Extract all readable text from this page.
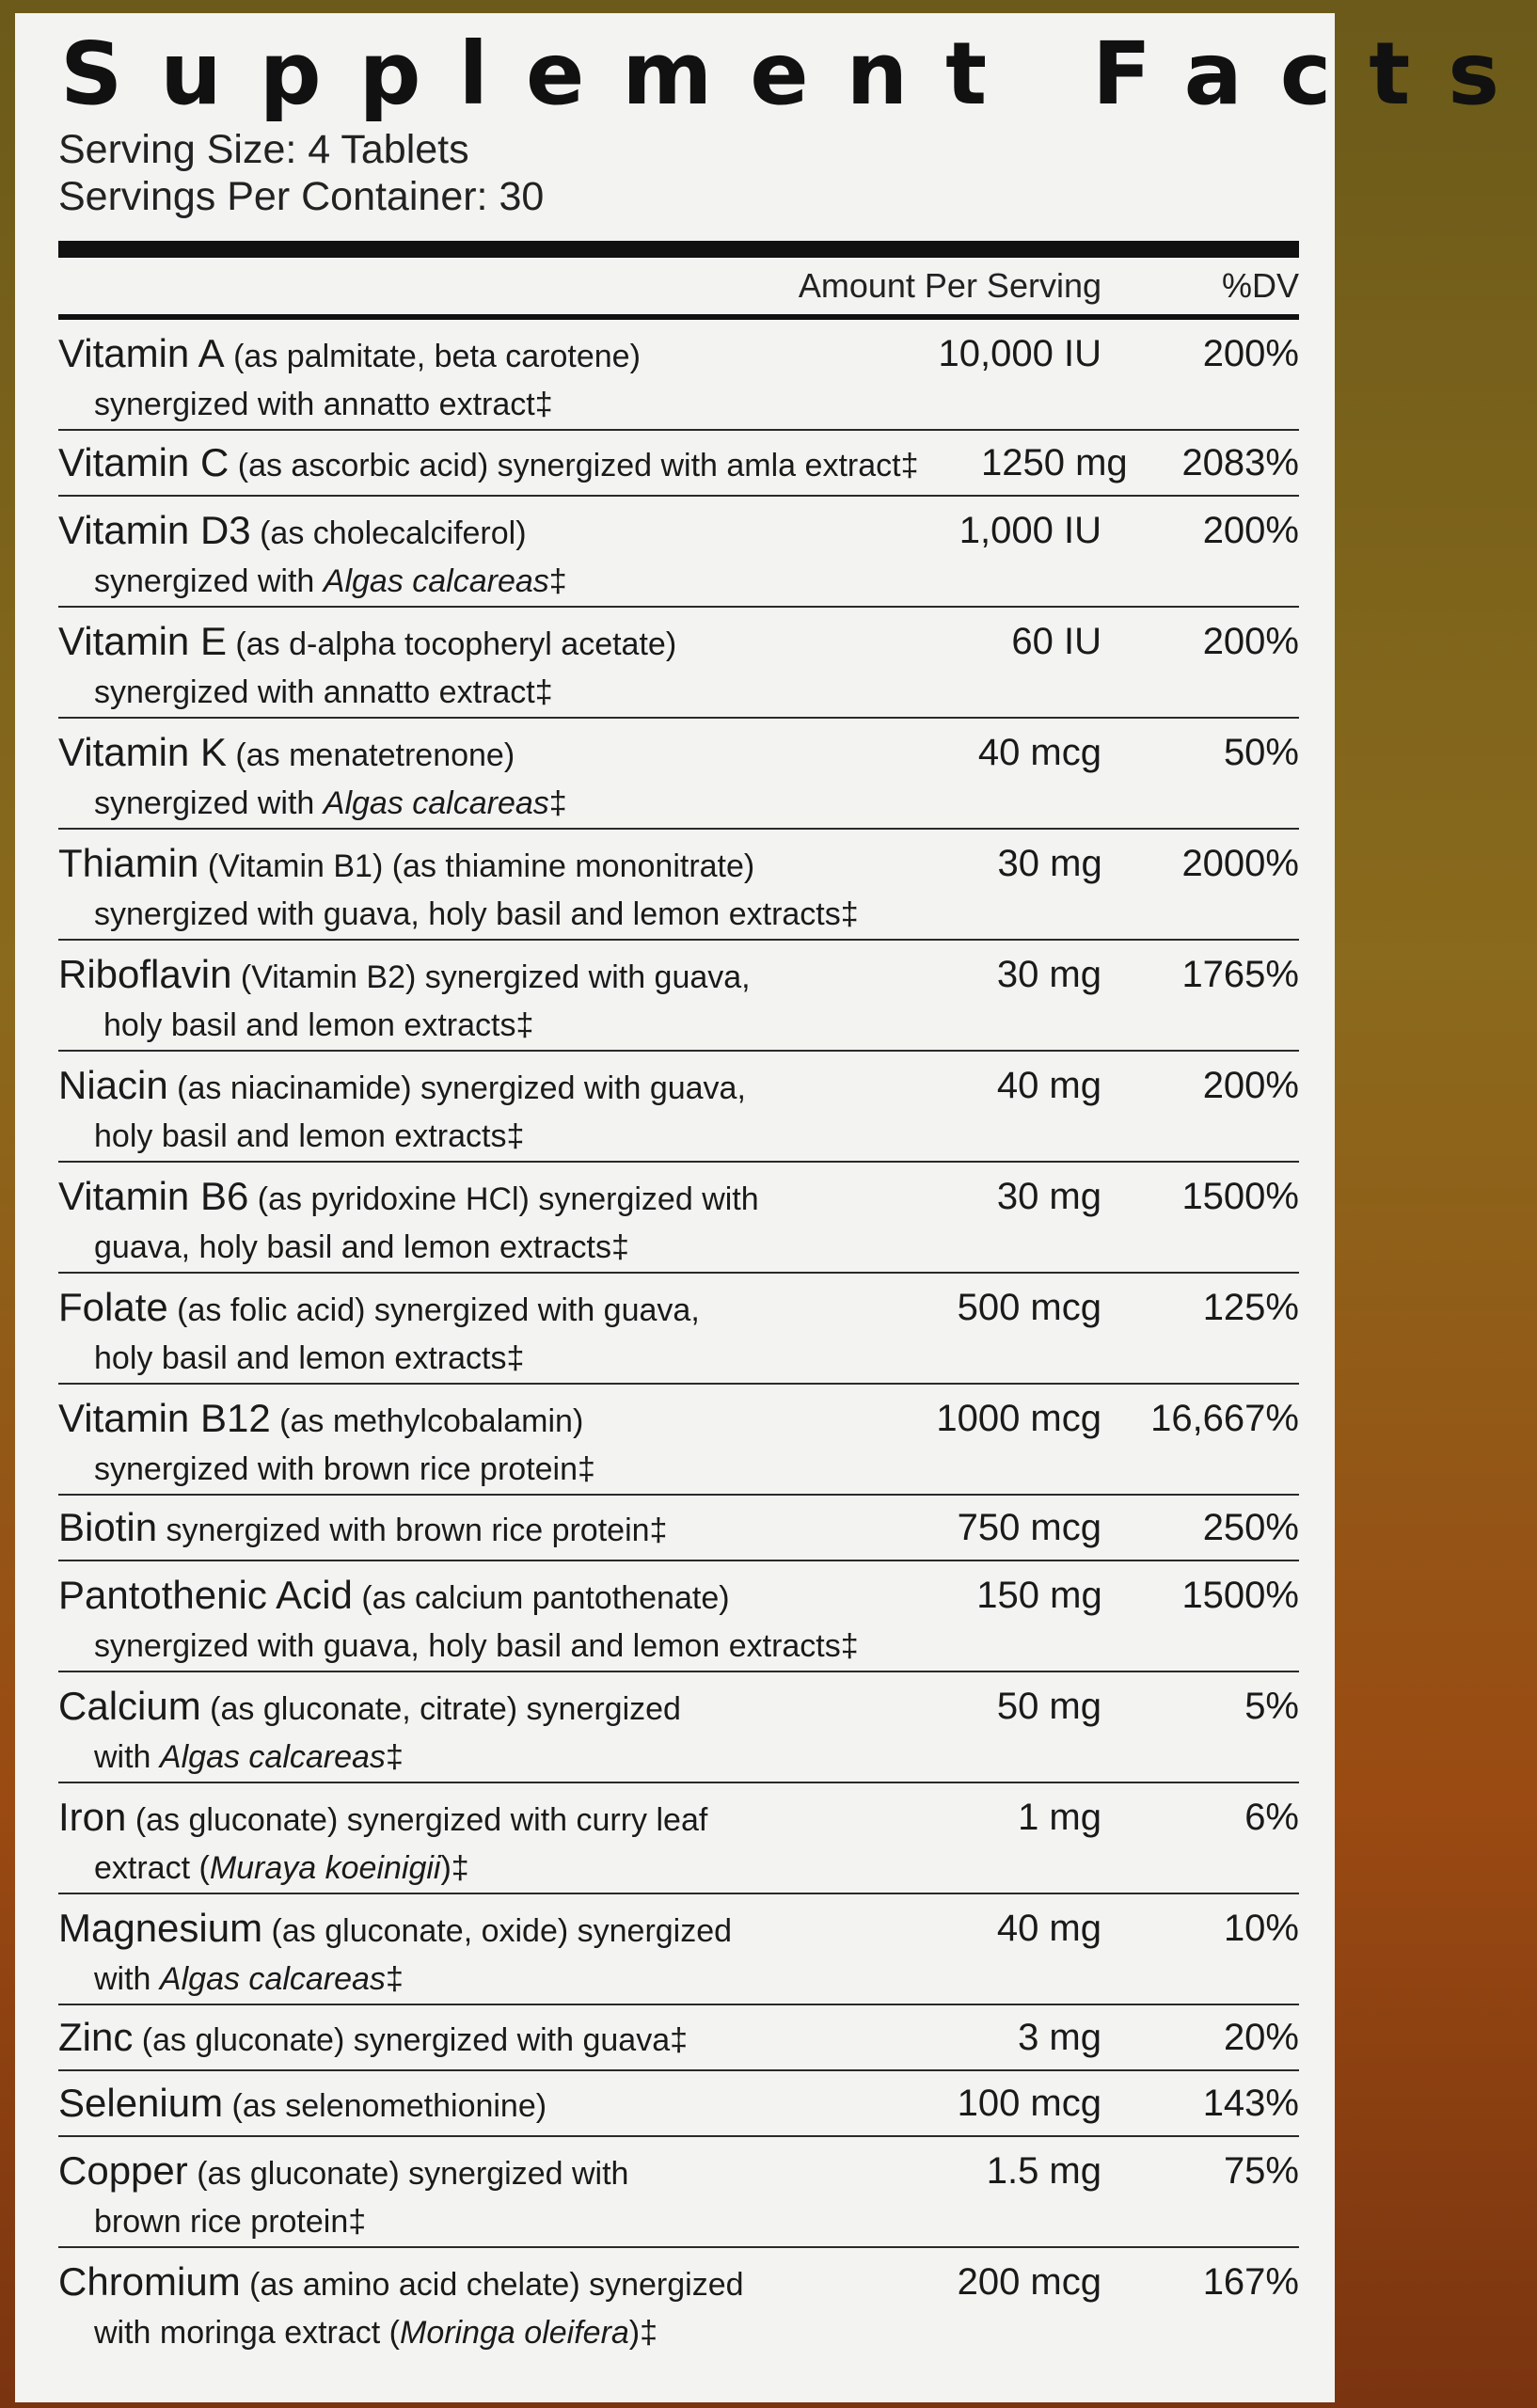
Supplement Facts
Serving Size: 4 Tablets
Servings Per Container: 30
Amount Per Serving	%DV
Vitamin A (as palmitate, beta carotene)
synergized with annatto extract‡
10,000 IU	200%
Vitamin C (as ascorbic acid) synergized with amla extract‡	1250 mg	2083%
Vitamin D3 (as cholecalciferol)
synergized with Algas calcareas‡
1,000 IU	200%
Vitamin E (as d-alpha tocopheryl acetate)
synergized with annatto extract‡
60 IU	200%
Vitamin K (as menatetrenone)
synergized with Algas calcareas‡
40 mcg	50%
Thiamin (Vitamin B1) (as thiamine mononitrate)
synergized with guava, holy basil and lemon extracts‡
30 mg	2000%
Riboflavin (Vitamin B2) synergized with guava,
holy basil and lemon extracts‡
30 mg	1765%
Niacin (as niacinamide) synergized with guava,
holy basil and lemon extracts‡
40 mg	200%
Vitamin B6 (as pyridoxine HCl) synergized with
guava, holy basil and lemon extracts‡
30 mg	1500%
Folate (as folic acid) synergized with guava,
holy basil and lemon extracts‡
500 mcg	125%
Vitamin B12 (as methylcobalamin)
synergized with brown rice protein‡
1000 mcg	16,667%
Biotin synergized with brown rice protein‡	750 mcg	250%
Pantothenic Acid (as calcium pantothenate)
synergized with guava, holy basil and lemon extracts‡
150 mg	1500%
Calcium (as gluconate, citrate) synergized
with Algas calcareas‡
50 mg	5%
Iron (as gluconate) synergized with curry leaf
extract (Muraya koeinigii)‡
1 mg	6%
Magnesium (as gluconate, oxide) synergized
with Algas calcareas‡
40 mg	10%
Zinc (as gluconate) synergized with guava‡	3 mg	20%
Selenium (as selenomethionine)	100 mcg	143%
Copper (as gluconate) synergized with
brown rice protein‡
1.5 mg	75%
Chromium (as amino acid chelate) synergized
with moringa extract (Moringa oleifera)‡
200 mcg	167%
